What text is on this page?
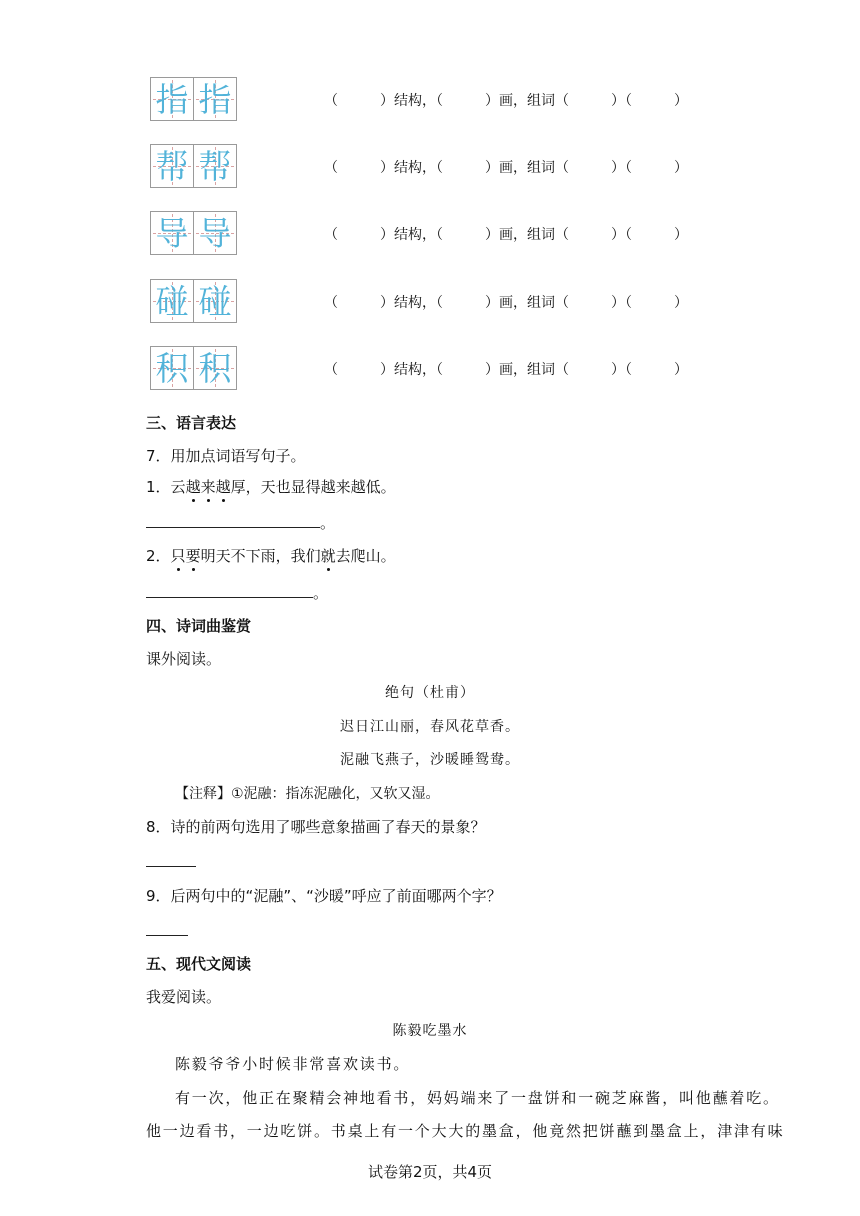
指 指	（　　　）结构，（　　　）画，组词（　　　）（　　　）
帮 帮	（　　　）结构，（　　　）画，组词（　　　）（　　　）
导 导	（　　　）结构，（　　　）画，组词（　　　）（　　　）
碰 碰	（　　　）结构，（　　　）画，组词（　　　）（　　　）
积 积	（　　　）结构，（　　　）画，组词（　　　）（　　　）
三、语言表达
7．用加点词语写句子。
1．云越来越厚，天也显得越来越低。
。
2．只要明天不下雨，我们就去爬山。
。
四、诗词曲鉴赏
课外阅读。
绝句（杜甫）
迟日江山丽，春风花草香。
泥融飞燕子，沙暖睡鸳鸯。
【注释】①泥融：指冻泥融化，又软又湿。
8．诗的前两句选用了哪些意象描画了春天的景象？
9．后两句中的“泥融”、“沙暖”呼应了前面哪两个字？
五、现代文阅读
我爱阅读。
陈毅吃墨水
陈毅爷爷小时候非常喜欢读书。
有一次，他正在聚精会神地看书，妈妈端来了一盘饼和一碗芝麻酱，叫他蘸着吃。
他一边看书，一边吃饼。书桌上有一个大大的墨盒，他竟然把饼蘸到墨盒上，津津有味
试卷第2页，共4页
